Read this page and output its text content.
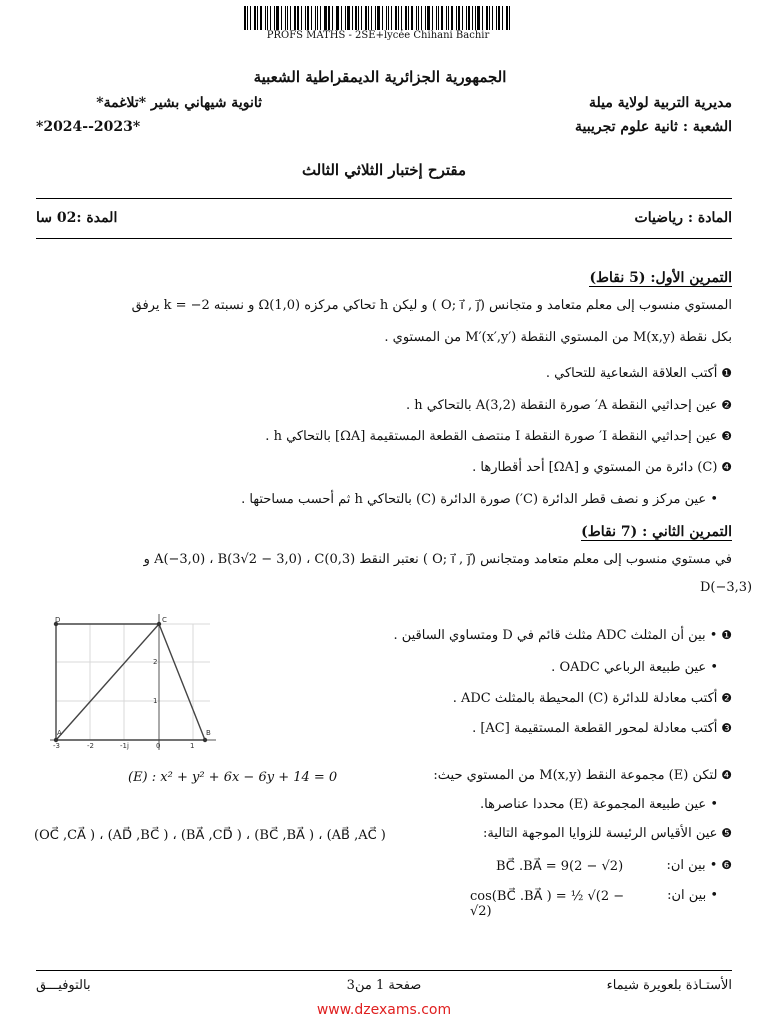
PROFS MATHS - 2SE+lycée Chihani Bachir
الجمهورية الجزائرية الديمقراطية الشعبية
مديرية التربية لولاية ميلة
ثانوية شيهاني بشير *تلاغمة*
الشعبة : ثانية علوم تجريبية
*2024--2023*
مقترح إختبار الثلاثي الثالث
المادة : رياضيات
المدة :02 سا
التمرين الأول: (5 نقاط)
المستوي منسوب إلى معلم متعامد و متجانس (O; i⃗ , j⃗ ) و ليكن h تحاكي مركزه Ω(1,0) و نسبته k = −2 يرفق
بكل نقطة M(x,y) من المستوي النقطة M′(x′,y′) من المستوي .
❶ أكتب العلاقة الشعاعية للتحاكي .
❷ عين إحداثيي النقطة A′ صورة النقطة A(3,2) بالتحاكي h .
❸ عين إحداثيي النقطة I′ صورة النقطة I منتصف القطعة المستقيمة [ΩA] بالتحاكي h .
❹ (C) دائرة من المستوي و [ΩA] أحد أقطارها .
• عين مركز و نصف قطر الدائرة (C′) صورة الدائرة (C) بالتحاكي h ثم أحسب مساحتها .
التمرين الثاني : (7 نقاط)
في مستوي منسوب إلى معلم متعامد ومتجانس (O; i⃗ , j⃗ ) نعتبر النقط A(−3,0) ، B(3√2 − 3,0) ، C(0,3) و
D(−3,3)
D	C
A	B
2
1
-3	-2	-1j	0	1
❶ • بين أن المثلث ADC مثلث قائم في D ومتساوي الساقين .
• عين طبيعة الرباعي OADC .
❷ أكتب معادلة للدائرة (C) المحيطة بالمثلث ADC .
❸ أكتب معادلة لمحور القطعة المستقيمة [AC] .
❹ لتكن (E) مجموعة النقط M(x,y) من المستوي حيث:
(E) : x² + y² + 6x − 6y + 14 = 0
• عين طبيعة المجموعة (E) محددا عناصرها.
❺ عين الأقياس الرئيسة للزوايا الموجهة التالية:
(OC⃗ ,CA⃗ ) ، (AD⃗ ,BC⃗ ) ، (BA⃗ ,CD⃗ ) ، (BC⃗ ,BA⃗ ) ، (AB⃗ ,AC⃗ )
❻ • بين ان:
BC⃗ .BA⃗ = 9(2 − √2)
• بين ان:
cos(BC⃗ .BA⃗ ) = ½ √(2 − √2)
الأستـاذة بلعويرة شيماء
صفحة 1 من3
بالتوفيـــق
www.dzexams.com
